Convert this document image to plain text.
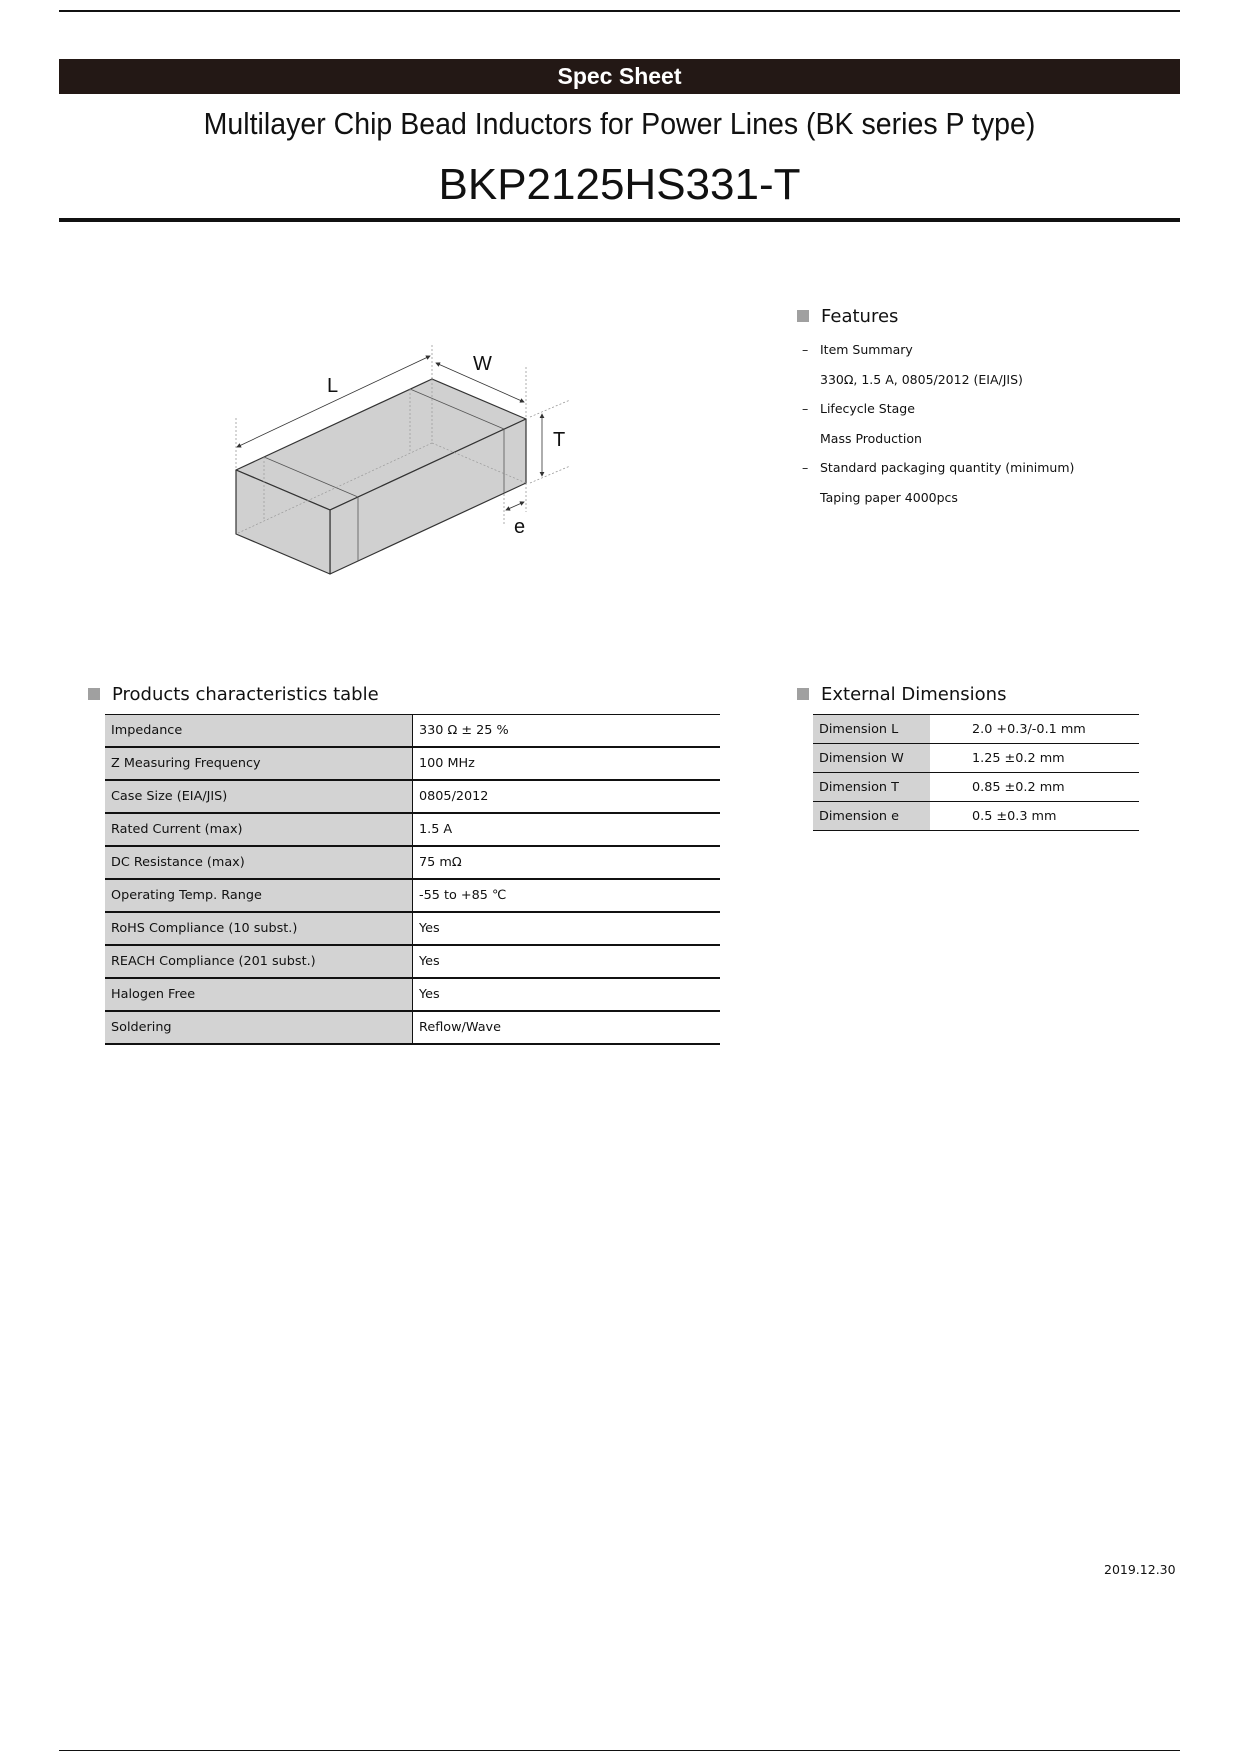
Spec Sheet
Multilayer Chip Bead Inductors for Power Lines (BK series P type)
BKP2125HS331-T
L
W
T
e
Features
– Item Summary
330Ω, 1.5 A, 0805/2012 (EIA/JIS)
– Lifecycle Stage
Mass Production
– Standard packaging quantity (minimum)
Taping paper 4000pcs
Products characteristics table
Impedance	330 Ω ± 25 %
Z Measuring Frequency	100 MHz
Case Size (EIA/JIS)	0805/2012
Rated Current (max)	1.5 A
DC Resistance (max)	75 mΩ
Operating Temp. Range	-55 to +85 ℃
RoHS Compliance (10 subst.)	Yes
REACH Compliance (201 subst.)	Yes
Halogen Free	Yes
Soldering	Reflow/Wave
External Dimensions
Dimension L	2.0 +0.3/-0.1 mm
Dimension W	1.25 ±0.2 mm
Dimension T	0.85 ±0.2 mm
Dimension e	0.5 ±0.3 mm
2019.12.30
